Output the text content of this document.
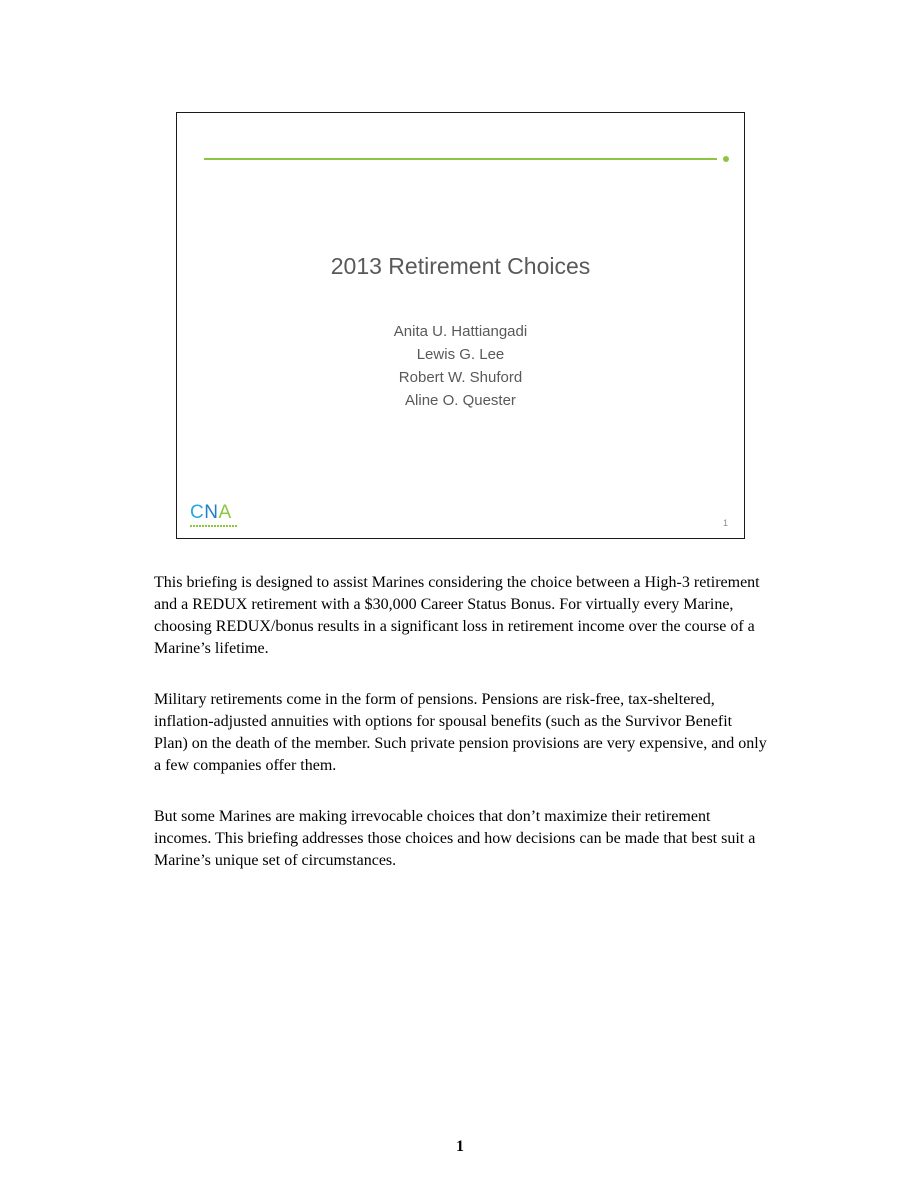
2013 Retirement Choices
Anita U. Hattiangadi
Lewis G. Lee
Robert W. Shuford
Aline O. Quester
CNA	1

This briefing is designed to assist Marines considering the choice between a High-3 retirement and a REDUX retirement with a $30,000 Career Status Bonus. For virtually every Marine, choosing REDUX/bonus results in a significant loss in retirement income over the course of a Marine’s lifetime.

Military retirements come in the form of pensions. Pensions are risk-free, tax-sheltered, inflation-adjusted annuities with options for spousal benefits (such as the Survivor Benefit Plan) on the death of the member. Such private pension provisions are very expensive, and only a few companies offer them.

But some Marines are making irrevocable choices that don’t maximize their retirement incomes. This briefing addresses those choices and how decisions can be made that best suit a Marine’s unique set of circumstances.

1
